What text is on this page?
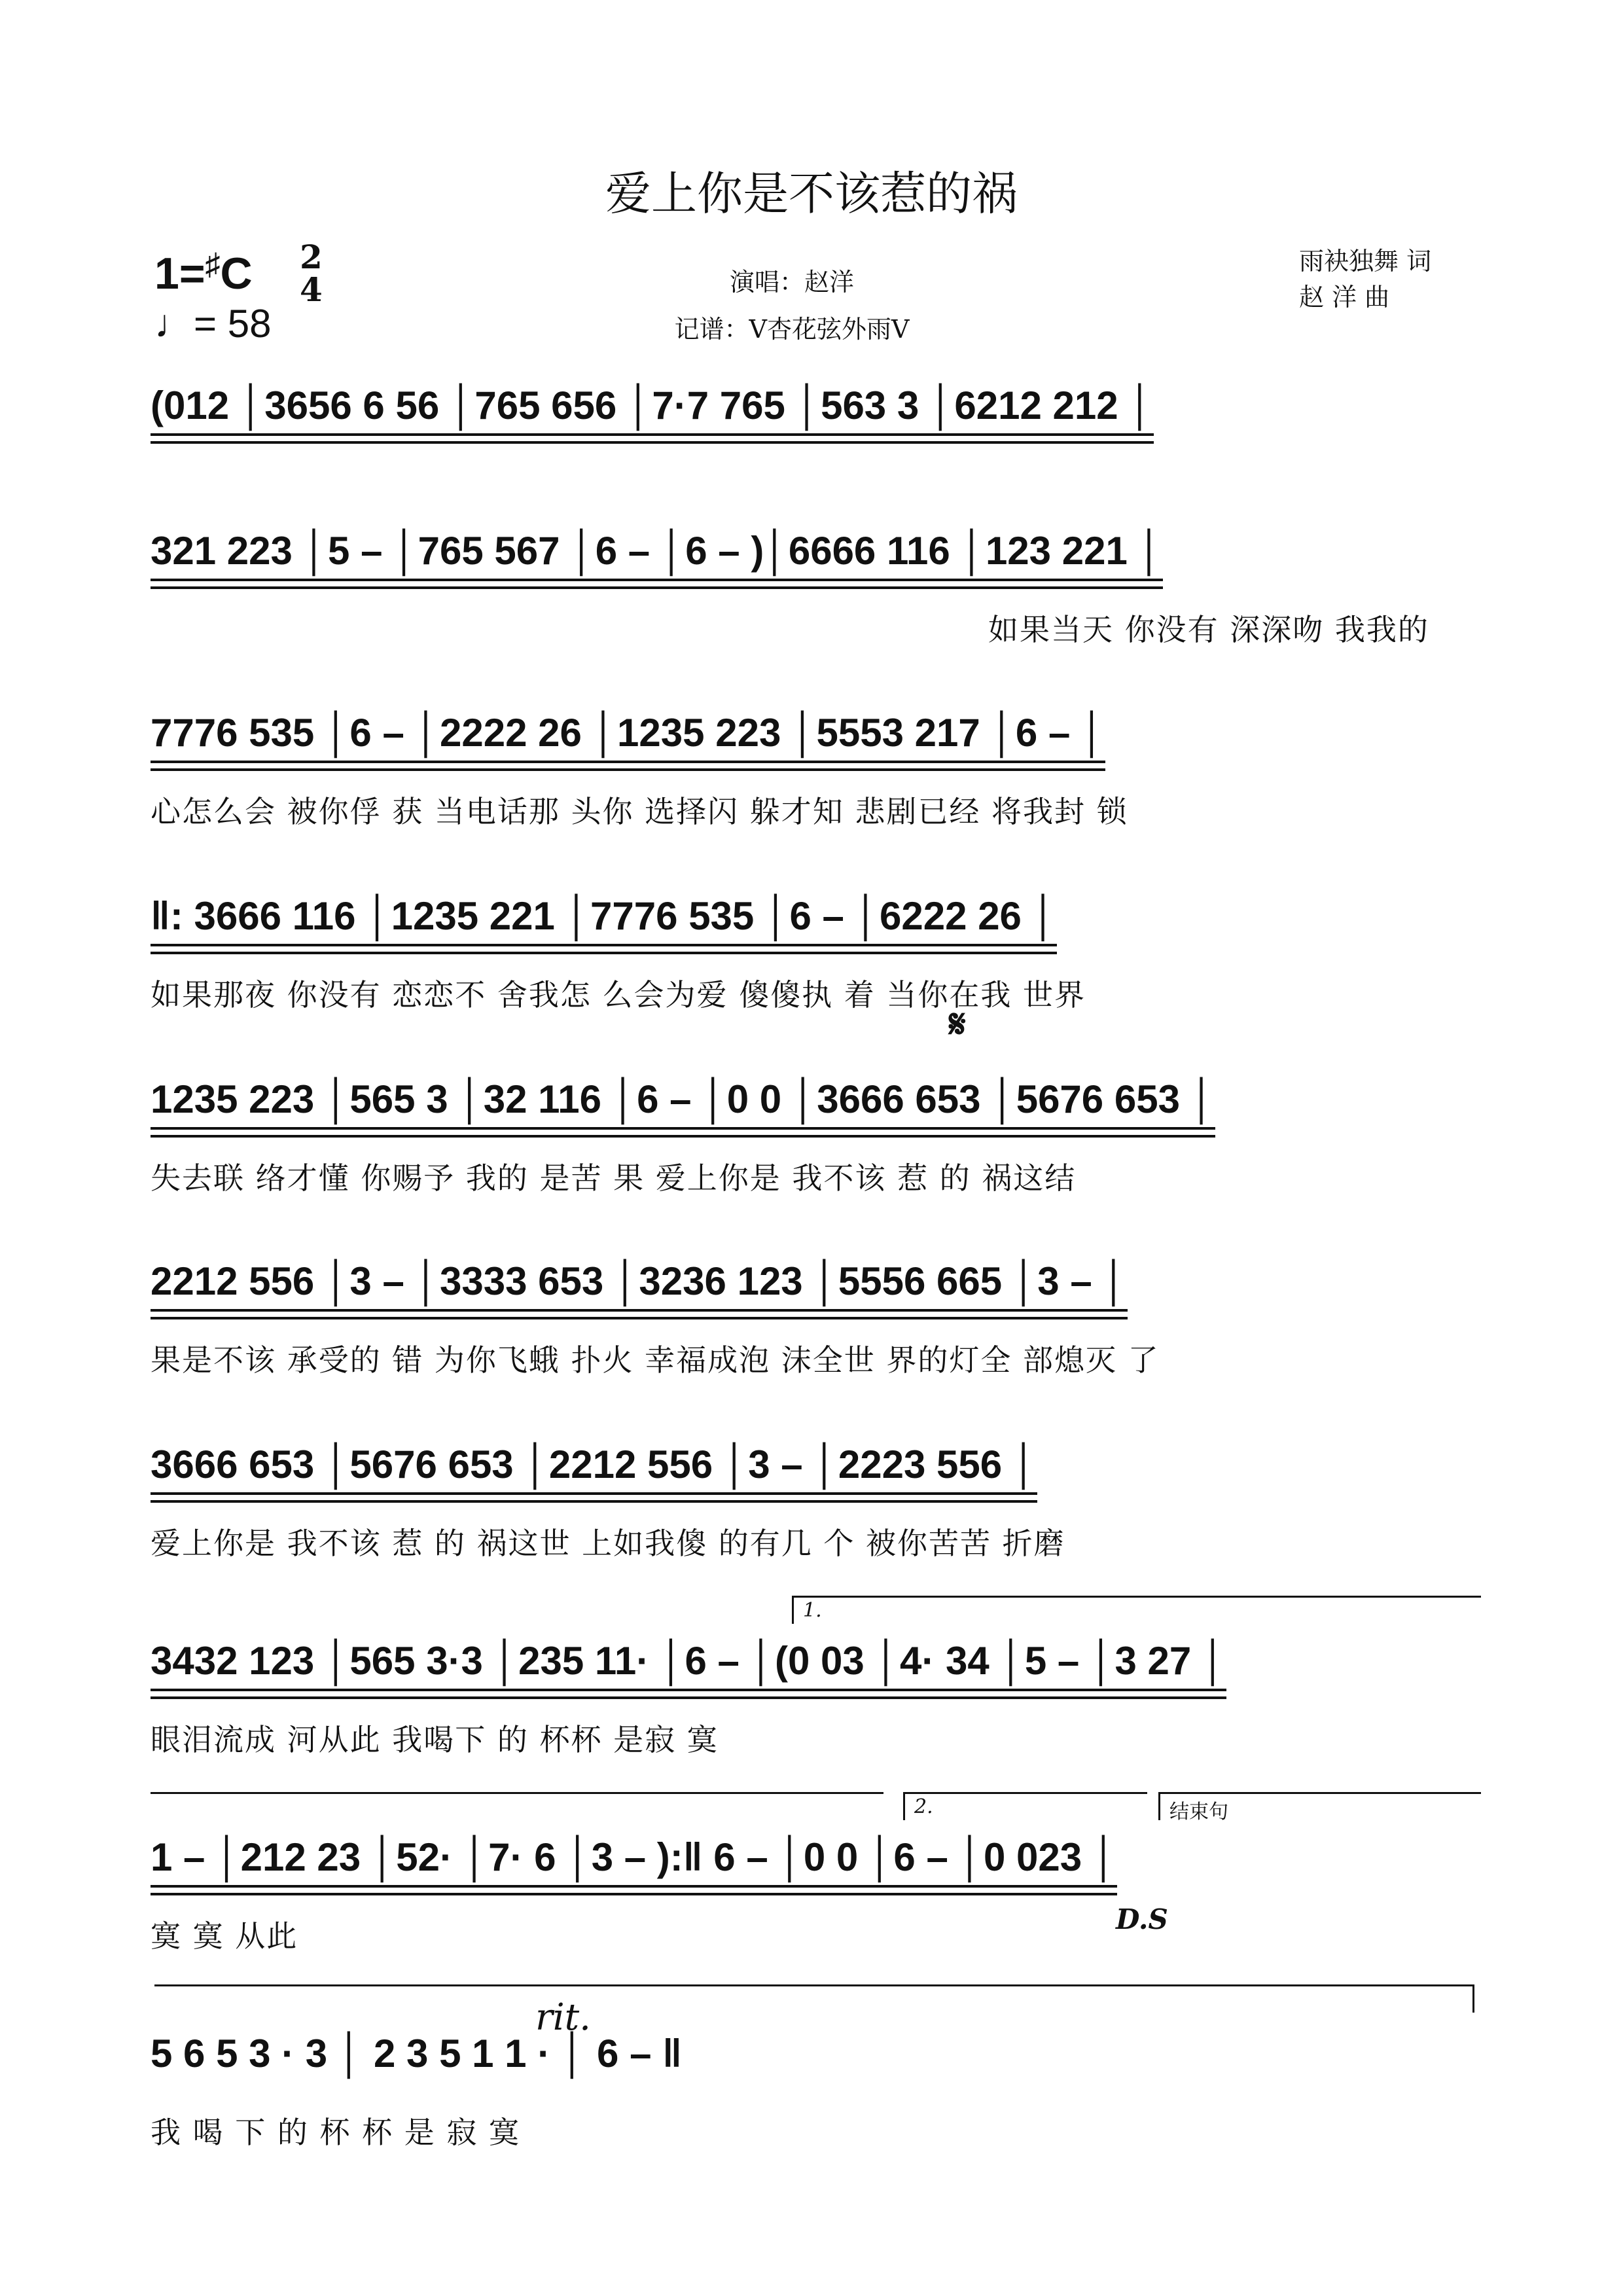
爱上你是不该惹的祸
1=♯C 2
4
♩= 58
演唱：赵洋
记谱：V杏花弦外雨V
雨袂独舞 词
赵 洋 曲
(012 │3656 6 56 │765 656 │7·7 765 │563 3 │6212 212 │
321 223 │5 – │765 567 │6 – │6 – )│6666 116 │123 221 │
如果当天 你没有 深深吻 我我的
7776 535 │6 – │2222 26 │1235 223 │5553 217 │6 – │
心怎么会 被你俘 获 当电话那 头你 选择闪 躲才知 悲剧已经 将我封 锁
‖: 3666 116 │1235 221 │7776 535 │6 – │6222 26 │
如果那夜 你没有 恋恋不 舍我怎 么会为爱 傻傻执 着 当你在我 世界
𝄋
1235 223 │565 3 │32 116 │6 – │0 0 │3666 653 │5676 653 │
失去联 络才懂 你赐予 我的 是苦 果 爱上你是 我不该 惹 的 祸这结
2212 556 │3 – │3333 653 │3236 123 │5556 665 │3 – │
果是不该 承受的 错 为你飞蛾 扑火 幸福成泡 沫全世 界的灯全 部熄灭 了
3666 653 │5676 653 │2212 556 │3 – │2223 556 │
爱上你是 我不该 惹 的 祸这世 上如我傻 的有几 个 被你苦苦 折磨
1.
3432 123 │565 3·3 │235 11· │6 – │(0 03 │4· 34 │5 – │3 27 │
眼泪流成 河从此 我喝下 的 杯杯 是寂 寞
2.	结束句
1 – │212 23 │52· │7· 6 │3 – ):‖ 6 – │0 0 │6 – │0 023 │
寞 寞 从此	D.S
rit.
5 6 5 3 · 3 │ 2 3 5 1 1 · │ 6 – ‖
我 喝 下 的 杯 杯 是 寂 寞
